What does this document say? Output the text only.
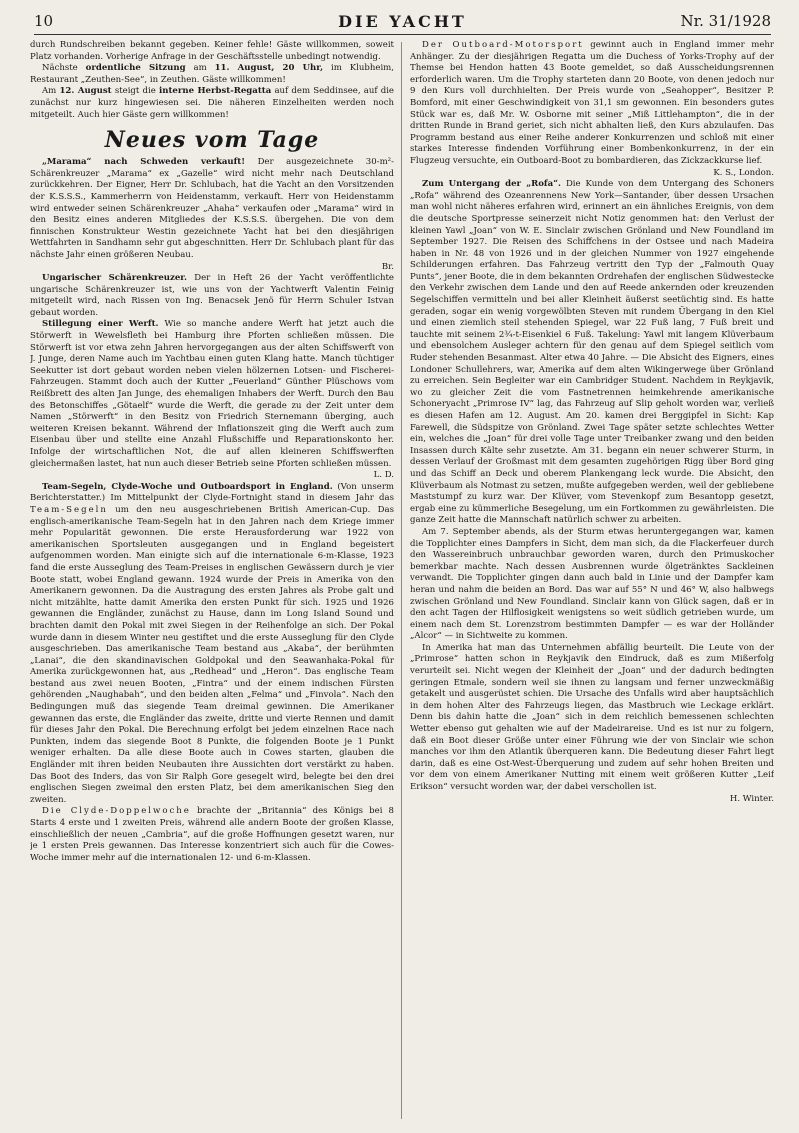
10	DIE YACHT	Nr. 31/1928

durch Rundschreiben bekannt gegeben. Keiner fehle! Gäste willkommen, soweit Platz vorhanden. Vorherige Anfrage in der Geschäftsstelle unbedingt notwendig.

Nächste ordentliche Sitzung am 11. August, 20 Uhr, im Klubheim, Restaurant „Zeuthen-See“, in Zeuthen. Gäste willkommen!

Am 12. August steigt die interne Herbst-Regatta auf dem Seddinsee, auf die zunächst nur kurz hingewiesen sei. Die näheren Einzelheiten werden noch mitgeteilt. Auch hier Gäste gern willkommen!

Neues vom Tage

„Marama“ nach Schweden verkauft! Der ausgezeichnete 30-m²-Schärenkreuzer „Marama“ ex „Gazelle“ wird nicht mehr nach Deutschland zurückkehren. Der Eigner, Herr Dr. Schlubach, hat die Yacht an den Vorsitzenden der K.S.S.S., Kammerherrn von Heidenstamm, verkauft. Herr von Heidenstamm wird entweder seinen Schärenkreuzer „Ahaha“ verkaufen oder „Marama“ wird in den Besitz eines anderen Mitgliedes der K.S.S.S. übergehen. Die von dem finnischen Konstrukteur Westin gezeichnete Yacht hat bei den diesjährigen Wettfahrten in Sandhamn sehr gut abgeschnitten. Herr Dr. Schlubach plant für das nächste Jahr einen größeren Neubau.

Br.

Ungarischer Schärenkreuzer. Der in Heft 26 der Yacht veröffentlichte ungarische Schärenkreuzer ist, wie uns von der Yachtwerft Valentin Feinig mitgeteilt wird, nach Rissen von Ing. Benacsek Jenö für Herrn Schuler Istvan gebaut worden.

Stillegung einer Werft. Wie so manche andere Werft hat jetzt auch die Störwerft in Wewelsfleth bei Hamburg ihre Pforten schließen müssen. Die Störwerft ist vor etwa zehn Jahren hervorgegangen aus der alten Schiffswerft von J. Junge, deren Name auch im Yachtbau einen guten Klang hatte. Manch tüchtiger Seekutter ist dort gebaut worden neben vielen hölzernen Lotsen- und Fischerei-Fahrzeugen. Stammt doch auch der Kutter „Feuerland“ Günther Plüschows vom Reißbrett des alten Jan Junge, des ehemaligen Inhabers der Werft. Durch den Bau des Betonschiffes „Götaelf“ wurde die Werft, die gerade zu der Zeit unter dem Namen „Störwerft“ in den Besitz von Friedrich Sternemann überging, auch weiteren Kreisen bekannt. Während der Inflationszeit ging die Werft auch zum Eisenbau über und stellte eine Anzahl Flußschiffe und Reparationskonto her. Infolge der wirtschaftlichen Not, die auf allen kleineren Schiffswerften gleichermaßen lastet, hat nun auch dieser Betrieb seine Pforten schließen müssen.

L. D.

Team-Segeln, Clyde-Woche und Outboardsport in England. (Von unserm Berichterstatter.) Im Mittelpunkt der Clyde-Fortnight stand in diesem Jahr das Team-Segeln um den neu ausgeschriebenen British American-Cup. Das englisch-amerikanische Team-Segeln hat in den Jahren nach dem Kriege immer mehr Popularität gewonnen. Die erste Herausforderung war 1922 von amerikanischen Sportsleuten ausgegangen und in England begeistert aufgenommen worden. Man einigte sich auf die internationale 6-m-Klasse, 1923 fand die erste Ausseglung des Team-Preises in englischen Gewässern durch je vier Boote statt, wobei England gewann. 1924 wurde der Preis in Amerika von den Amerikanern gewonnen. Da die Austragung des ersten Jahres als Probe galt und nicht mitzählte, hatte damit Amerika den ersten Punkt für sich. 1925 und 1926 gewannen die Engländer, zunächst zu Hause, dann im Long Island Sound und brachten damit den Pokal mit zwei Siegen in der Reihenfolge an sich. Der Pokal wurde dann in diesem Winter neu gestiftet und die erste Ausseglung für den Clyde ausgeschrieben. Das amerikanische Team bestand aus „Akaba“, der berühmten „Lanai“, die den skandinavischen Goldpokal und den Seawanhaka-Pokal für Amerika zurückgewonnen hat, aus „Redhead“ und „Heron“. Das englische Team bestand aus zwei neuen Booten, „Fintra“ und der einem indischen Fürsten gehörenden „Naughabah“, und den beiden alten „Felma“ und „Finvola“. Nach den Bedingungen muß das siegende Team dreimal gewinnen. Die Amerikaner gewannen das erste, die Engländer das zweite, dritte und vierte Rennen und damit für dieses Jahr den Pokal. Die Berechnung erfolgt bei jedem einzelnen Race nach Punkten, indem das siegende Boot 8 Punkte, die folgenden Boote je 1 Punkt weniger erhalten. Da alle diese Boote auch in Cowes starten, glauben die Engländer mit ihren beiden Neubauten ihre Aussichten dort verstärkt zu haben. Das Boot des Inders, das von Sir Ralph Gore gesegelt wird, belegte bei den drei englischen Siegen zweimal den ersten Platz, bei dem amerikanischen Sieg den zweiten.

Die Clyde-Doppelwoche brachte der „Britannia“ des Königs bei 8 Starts 4 erste und 1 zweiten Preis, während alle andern Boote der großen Klasse, einschließlich der neuen „Cambria“, auf die große Hoffnungen gesetzt waren, nur je 1 ersten Preis gewannen. Das Interesse konzentriert sich auch für die Cowes-Woche immer mehr auf die internationalen 12- und 6-m-Klassen.

Der Outboard-Motorsport gewinnt auch in England immer mehr Anhänger. Zu der diesjährigen Regatta um die Duchess of Yorks-Trophy auf der Themse bei Hendon hatten 43 Boote gemeldet, so daß Ausscheidungsrennen erforderlich waren. Um die Trophy starteten dann 20 Boote, von denen jedoch nur 9 den Kurs voll durchhielten. Der Preis wurde von „Seahopper“, Besitzer P. Bomford, mit einer Geschwindigkeit von 31,1 sm gewonnen. Ein besonders gutes Stück war es, daß Mr. W. Osborne mit seiner „Miß Littlehampton“, die in der dritten Runde in Brand geriet, sich nicht abhalten ließ, den Kurs abzulaufen. Das Programm bestand aus einer Reihe anderer Konkurrenzen und schloß mit einer starkes Interesse findenden Vorführung einer Bombenkonkurrenz, in der ein Flugzeug versuchte, ein Outboard-Boot zu bombardieren, das Zickzackkurse lief.

K. S., London.

Zum Untergang der „Rofa“. Die Kunde von dem Untergang des Schoners „Rofa“ während des Ozeanrennens New York—Santander, über dessen Ursachen man wohl nicht näheres erfahren wird, erinnert an ein ähnliches Ereignis, von dem die deutsche Sportpresse seinerzeit nicht Notiz genommen hat: den Verlust der kleinen Yawl „Joan“ von W. E. Sinclair zwischen Grönland und New Foundland im September 1927. Die Reisen des Schiffchens in der Ostsee und nach Madeira haben in Nr. 48 von 1926 und in der gleichen Nummer von 1927 eingehende Schilderungen erfahren. Das Fahrzeug vertritt den Typ der „Falmouth Quay Punts“, jener Boote, die in dem bekannten Ordrehafen der englischen Südwestecke den Verkehr zwischen dem Lande und den auf Reede ankernden oder kreuzenden Segelschiffen vermitteln und bei aller Kleinheit äußerst seetüchtig sind. Es hatte geraden, sogar ein wenig vorgewölbten Steven mit rundem Übergang in den Kiel und einen ziemlich steil stehenden Spiegel, war 22 Fuß lang, 7 Fuß breit und tauchte mit seinem 2¾-t-Eisenkiel 6 Fuß. Takelung: Yawl mit langem Klüverbaum und ebensolchem Ausleger achtern für den genau auf dem Spiegel seitlich vom Ruder stehenden Besanmast. Alter etwa 40 Jahre. — Die Absicht des Eigners, eines Londoner Schullehrers, war, Amerika auf dem alten Wikingerwege über Grönland zu erreichen. Sein Begleiter war ein Cambridger Student. Nachdem in Reykjavik, wo zu gleicher Zeit die vom Fastnetrennen heimkehrende amerikanische Schoneryacht „Primrose IV“ lag, das Fahrzeug auf Slip geholt worden war, verließ es diesen Hafen am 12. August. Am 20. kamen drei Berggipfel in Sicht: Kap Farewell, die Südspitze von Grönland. Zwei Tage später setzte schlechtes Wetter ein, welches die „Joan“ für drei volle Tage unter Treibanker zwang und den beiden Insassen durch Kälte sehr zusetzte. Am 31. begann ein neuer schwerer Sturm, in dessen Verlauf der Großmast mit dem gesamten zugehörigen Rigg über Bord ging und das Schiff an Deck und oberem Plankengang leck wurde. Die Absicht, den Klüverbaum als Notmast zu setzen, mußte aufgegeben werden, weil der gebliebene Maststumpf zu kurz war. Der Klüver, vom Stevenkopf zum Besantopp gesetzt, ergab eine zu kümmerliche Besegelung, um ein Fortkommen zu gewährleisten. Die ganze Zeit hatte die Mannschaft natürlich schwer zu arbeiten.

Am 7. September abends, als der Sturm etwas heruntergegangen war, kamen die Topplichter eines Dampfers in Sicht, dem man sich, da die Flackerfeuer durch den Wassereinbruch unbrauchbar geworden waren, durch den Primuskocher bemerkbar machte. Nach dessen Ausbrennen wurde ölgetränktes Sackleinen verwandt. Die Topplichter gingen dann auch bald in Linie und der Dampfer kam heran und nahm die beiden an Bord. Das war auf 55° N und 46° W, also halbwegs zwischen Grönland und New Foundland. Sinclair kann von Glück sagen, daß er in den acht Tagen der Hilflosigkeit wenigstens so weit südlich getrieben wurde, um einem nach dem St. Lorenzstrom bestimmten Dampfer — es war der Holländer „Alcor“ — in Sichtweite zu kommen.

In Amerika hat man das Unternehmen abfällig beurteilt. Die Leute von der „Primrose“ hatten schon in Reykjavik den Eindruck, daß es zum Mißerfolg verurteilt sei. Nicht wegen der Kleinheit der „Joan“ und der dadurch bedingten geringen Etmale, sondern weil sie ihnen zu langsam und ferner unzweckmäßig getakelt und ausgerüstet schien. Die Ursache des Unfalls wird aber hauptsächlich in dem hohen Alter des Fahrzeugs liegen, das Mastbruch wie Leckage erklärt. Denn bis dahin hatte die „Joan“ sich in dem reichlich bemessenen schlechten Wetter ebenso gut gehalten wie auf der Madeirareise. Und es ist nur zu folgern, daß ein Boot dieser Größe unter einer Führung wie der von Sinclair wie schon manches vor ihm den Atlantik überqueren kann. Die Bedeutung dieser Fahrt liegt darin, daß es eine Ost-West-Überquerung und zudem auf sehr hohen Breiten und vor dem von einem Amerikaner Nutting mit einem weit größeren Kutter „Leif Erikson“ versucht worden war, der dabei verschollen ist.

H. Winter.
